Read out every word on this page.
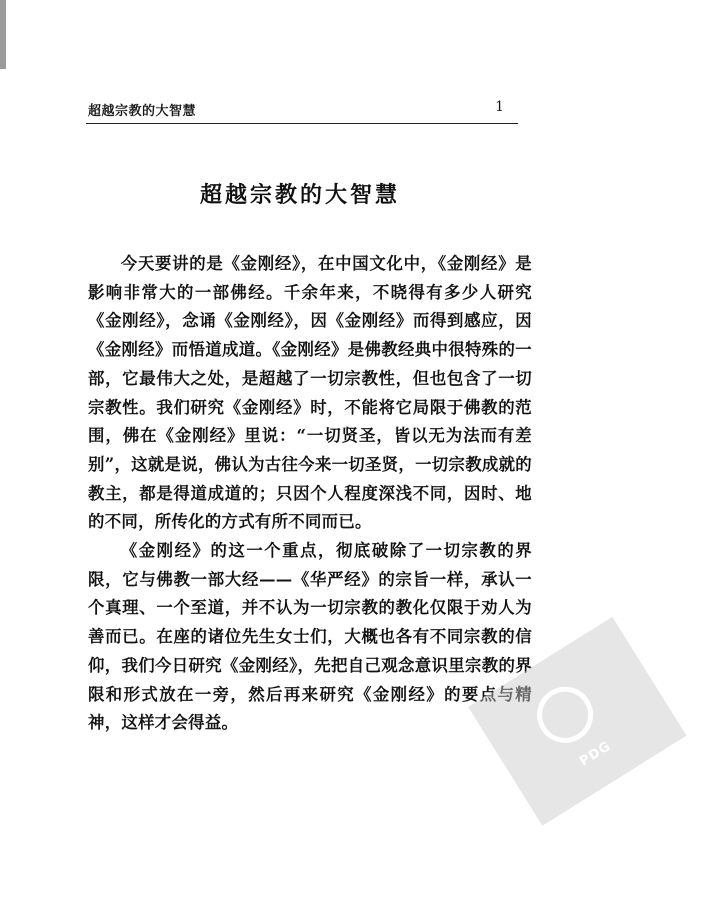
超越宗教的大智慧	1
超越宗教的大智慧

今天要讲的是《金刚经》，在中国文化中，《金刚经》是影响非常大的一部佛经。千余年来，不晓得有多少人研究《金刚经》，念诵《金刚经》，因《金刚经》而得到感应，因《金刚经》而悟道成道。《金刚经》是佛教经典中很特殊的一部，它最伟大之处，是超越了一切宗教性，但也包含了一切宗教性。我们研究《金刚经》时，不能将它局限于佛教的范围，佛在《金刚经》里说：“一切贤圣，皆以无为法而有差别”，这就是说，佛认为古往今来一切圣贤，一切宗教成就的教主，都是得道成道的；只因个人程度深浅不同，因时、地的不同，所传化的方式有所不同而已。

《金刚经》的这一个重点，彻底破除了一切宗教的界限，它与佛教一部大经——《华严经》的宗旨一样，承认一个真理、一个至道，并不认为一切宗教的教化仅限于劝人为善而已。在座的诸位先生女士们，大概也各有不同宗教的信仰，我们今日研究《金刚经》，先把自己观念意识里宗教的界限和形式放在一旁，然后再来研究《金刚经》的要点与精神，这样才会得益。

PDG
